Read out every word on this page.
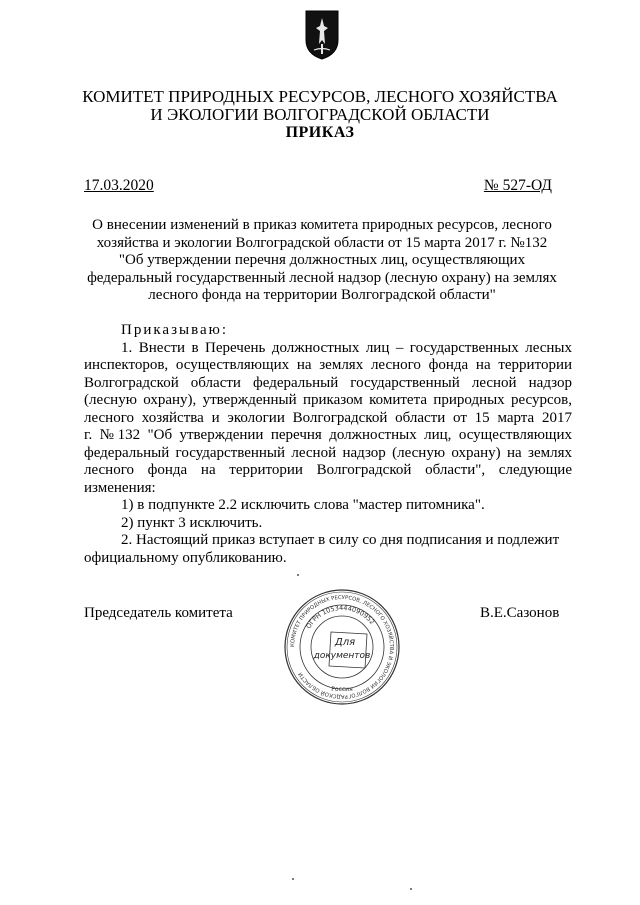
КОМИТЕТ ПРИРОДНЫХ РЕСУРСОВ, ЛЕСНОГО ХОЗЯЙСТВА
И ЭКОЛОГИИ ВОЛГОГРАДСКОЙ ОБЛАСТИ
ПРИКАЗ
17.03.2020	№ 527-ОД
О внесении изменений в приказ комитета природных ресурсов, лесного
хозяйства и экологии Волгоградской области от 15 марта 2017 г. №132
"Об утверждении перечня должностных лиц, осуществляющих
федеральный государственный лесной надзор (лесную охрану) на землях
лесного фонда на территории Волгоградской области"
Приказываю:
1. Внести в Перечень должностных лиц – государственных лесных
инспекторов, осуществляющих на землях лесного фонда на территории
Волгоградской области федеральный государственный лесной надзор
(лесную охрану), утвержденный приказом комитета природных ресурсов,
лесного хозяйства и экологии Волгоградской области от 15 марта 2017
г. №132 "Об утверждении перечня должностных лиц, осуществляющих
федеральный государственный лесной надзор (лесную охрану) на землях
лесного фонда на территории Волгоградской области", следующие
изменения:
1) в подпункте 2.2 исключить слова "мастер питомника".
2) пункт 3 исключить.
2. Настоящий приказ вступает в силу со дня подписания и подлежит
официальному опубликованию.
Председатель комитета	В.Е.Сазонов
КОМИТЕТ ПРИРОДНЫХ РЕСУРСОВ, ЛЕСНОГО ХОЗЯЙСТВА И ЭКОЛОГИИ ВОЛГОГРАДСКОЙ ОБЛАСТИ
ОГРН 1053444090952
Россия
Для
документов
